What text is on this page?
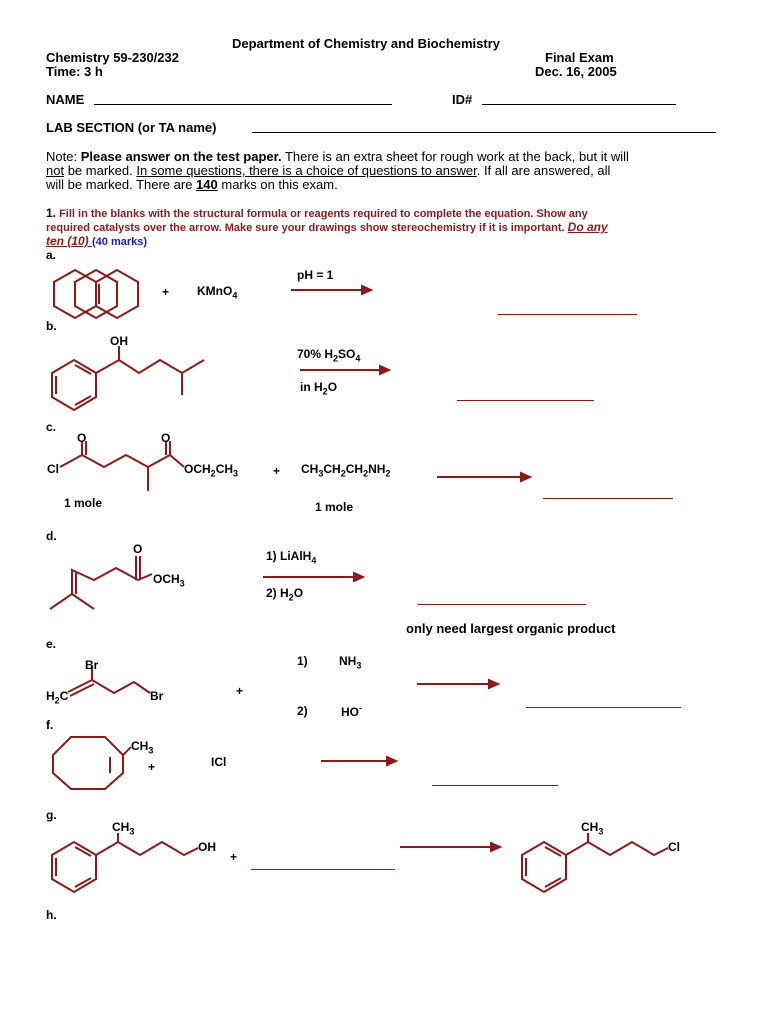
Department of Chemistry and Biochemistry
Chemistry 59-230/232	Final Exam
Time: 3 h	Dec. 16, 2005
NAME	ID#
LAB SECTION (or TA name)
Note: Please answer on the test paper. There is an extra sheet for rough work at the back, but it will
not be marked. In some questions, there is a choice of questions to answer. If all are answered, all
will be marked. There are 140 marks on this exam.
1. Fill in the blanks with the structural formula or reagents required to complete the equation. Show any
required catalysts over the arrow. Make sure your drawings show stereochemistry if it is important. Do any
ten (10) (40 marks)
a.
+ KMnO$_4$
pH = 1
b.
OH
70% $H_2SO_4$
in $H_2O$
c.
O	O
Cl	$OCH_2CH_3$	+ $CH_3CH_2CH_2NH_2$
1 mole	1 mole
d.
O
$OCH_3$
1) LiAlH$_4$
2) $H_2O$
only need largest organic product
e.
Br
Br
$H_2C$	+
1)	$NH_3$
2)	HO-
f.
$CH_3$
+	ICl
g.
$CH_3$
OH
+
$CH_3$
Cl
h.
